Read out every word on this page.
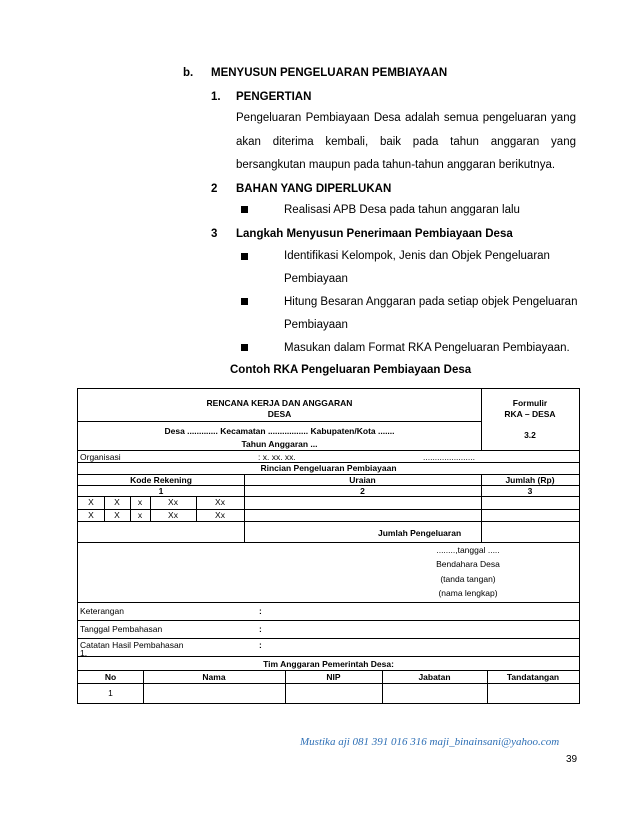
b. MENYUSUN PENGELUARAN PEMBIAYAAN
1. PENGERTIAN
Pengeluaran Pembiayaan Desa adalah semua pengeluaran yang
akan diterima kembali, baik pada tahun anggaran yang
bersangkutan maupun pada tahun-tahun anggaran berikutnya.
2 BAHAN YANG DIPERLUKAN
Realisasi APB Desa pada tahun anggaran lalu
3 Langkah Menyusun Penerimaan Pembiayaan Desa
Identifikasi Kelompok, Jenis dan Objek Pengeluaran
Pembiayaan
Hitung Besaran Anggaran pada setiap objek Pengeluaran
Pembiayaan
Masukan dalam Format RKA Pengeluaran Pembiayaan.
Contoh RKA Pengeluaran Pembiayaan Desa
RENCANA KERJA DAN ANGGARAN
DESA
Formulir
RKA – DESA
3.2
Desa ............. Kecamatan ................. Kabupaten/Kota .......
Tahun Anggaran ...
Organisasi	: x. xx. xx.	......................
Rincian Pengeluaran Pembiayaan
Kode Rekening	Uraian	Jumlah (Rp)
1	2	3
X	X	x	Xx	Xx
X	X	x	Xx	Xx
Jumlah Pengeluaran
........,tanggal .....
Bendahara Desa
(tanda tangan)
(nama lengkap)
Keterangan	:
Tanggal Pembahasan	:
Catatan Hasil Pembahasan	:
1.
Tim Anggaran Pemerintah Desa:
No	Nama	NIP	Jabatan	Tandatangan
1
Mustika aji 081 391 016 316 maji_binainsani@yahoo.com
39
